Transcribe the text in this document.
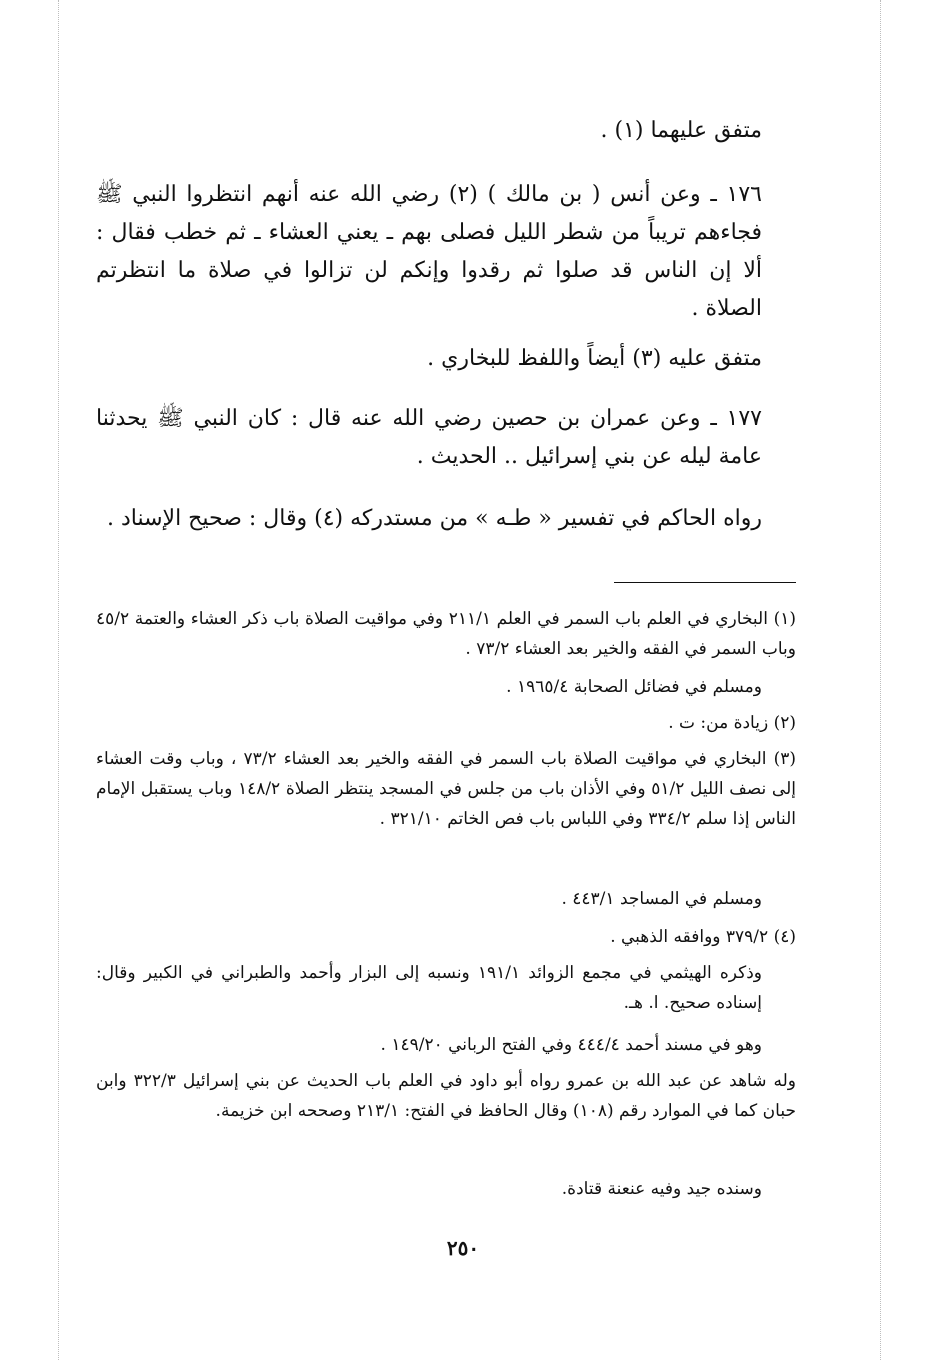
متفق عليهما (١) .
١٧٦ ـ وعن أنس ( بن مالك ) (٢) رضي الله عنه أنهم انتظروا النبي ﷺ فجاءهم تريباً من شطر الليل فصلى بهم ـ يعني العشاء ـ ثم خطب فقال : ألا إن الناس قد صلوا ثم رقدوا وإنكم لن تزالوا في صلاة ما انتظرتم الصلاة .
متفق عليه (٣) أيضاً واللفظ للبخاري .
١٧٧ ـ وعن عمران بن حصين رضي الله عنه قال : كان النبي ﷺ يحدثنا عامة ليله عن بني إسرائيل .. الحديث .
رواه الحاكم في تفسير « طـه » من مستدركه (٤) وقال : صحيح الإسناد .
(١) البخاري في العلم باب السمر في العلم ٢١١/١ وفي مواقيت الصلاة باب ذكر العشاء والعتمة ٤٥/٢ وباب السمر في الفقه والخير بعد العشاء ٧٣/٢ .
ومسلم في فضائل الصحابة ١٩٦٥/٤ .
(٢) زيادة من: ت .
(٣) البخاري في مواقيت الصلاة باب السمر في الفقه والخير بعد العشاء ٧٣/٢ ، وباب وقت العشاء إلى نصف الليل ٥١/٢ وفي الأذان باب من جلس في المسجد ينتظر الصلاة ١٤٨/٢ وباب يستقبل الإمام الناس إذا سلم ٣٣٤/٢ وفي اللباس باب فص الخاتم ٣٢١/١٠ .
ومسلم في المساجد ٤٤٣/١ .
(٤) ٣٧٩/٢ ووافقه الذهبي .
وذكره الهيثمي في مجمع الزوائد ١٩١/١ ونسبه إلى البزار وأحمد والطبراني في الكبير وقال: إسناده صحيح. ا. هـ.
وهو في مسند أحمد ٤٤٤/٤ وفي الفتح الرباني ١٤٩/٢٠ .
وله شاهد عن عبد الله بن عمرو رواه أبو داود في العلم باب الحديث عن بني إسرائيل ٣٢٢/٣ وابن حبان كما في الموارد رقم (١٠٨) وقال الحافظ في الفتح: ٢١٣/١ وصححه ابن خزيمة.
وسنده جيد وفيه عنعنة قتادة.
٢٥٠
